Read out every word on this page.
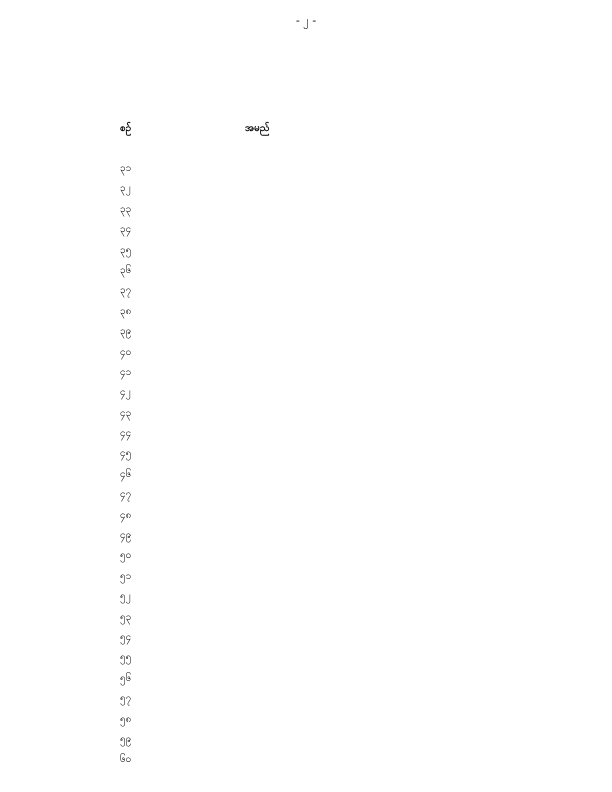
- ၂ -
စဉ်	အမည်
၃၁
၃၂
၃၃
၃၄
၃၅
၃၆
၃၇
၃၈
၃၉
၄၀
၄၁
၄၂
၄၃
၄၄
၄၅
၄၆
၄၇
၄၈
၄၉
၅၀
၅၁
၅၂
၅၃
၅၄
၅၅
၅၆
၅၇
၅၈
၅၉
၆၀
